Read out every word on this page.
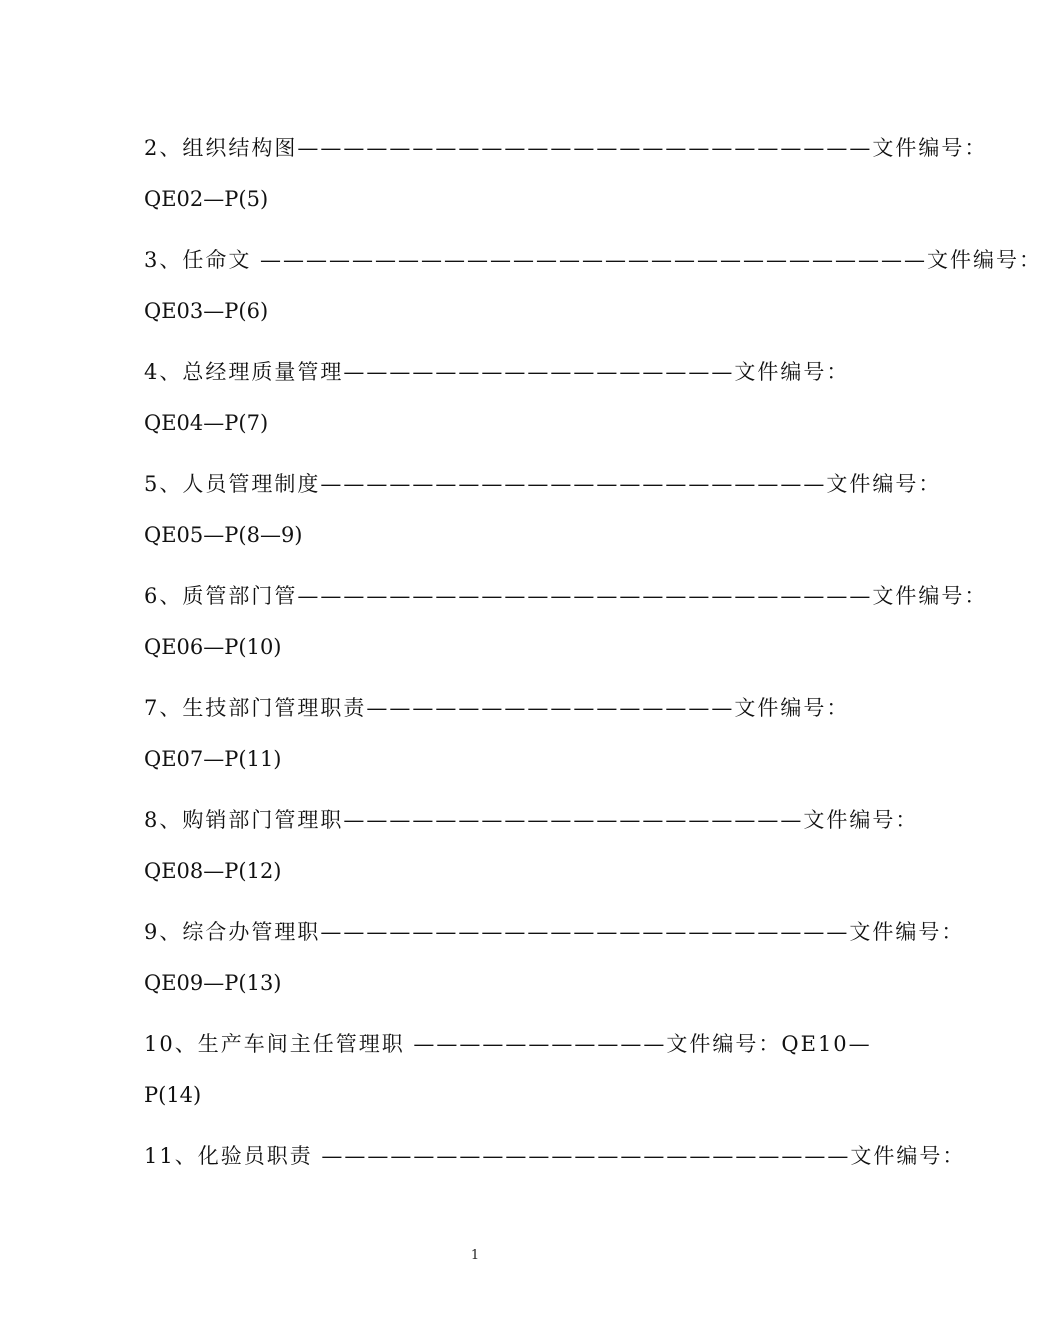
2、组织结构图—————————————————————————文件编号：
QE02—P(5)
3、任命文 —————————————————————————————文件编号：
QE03—P(6)
4、总经理质量管理—————————————————文件编号：
QE04—P(7)
5、人员管理制度——————————————————————文件编号：
QE05—P(8—9)
6、质管部门管—————————————————————————文件编号：
QE06—P(10)
7、生技部门管理职责————————————————文件编号：
QE07—P(11)
8、购销部门管理职————————————————————文件编号：
QE08—P(12)
9、综合办管理职———————————————————————文件编号：
QE09—P(13)
10、生产车间主任管理职 ———————————文件编号：QE10—
P(14)
11、化验员职责 ———————————————————————文件编号：
1
